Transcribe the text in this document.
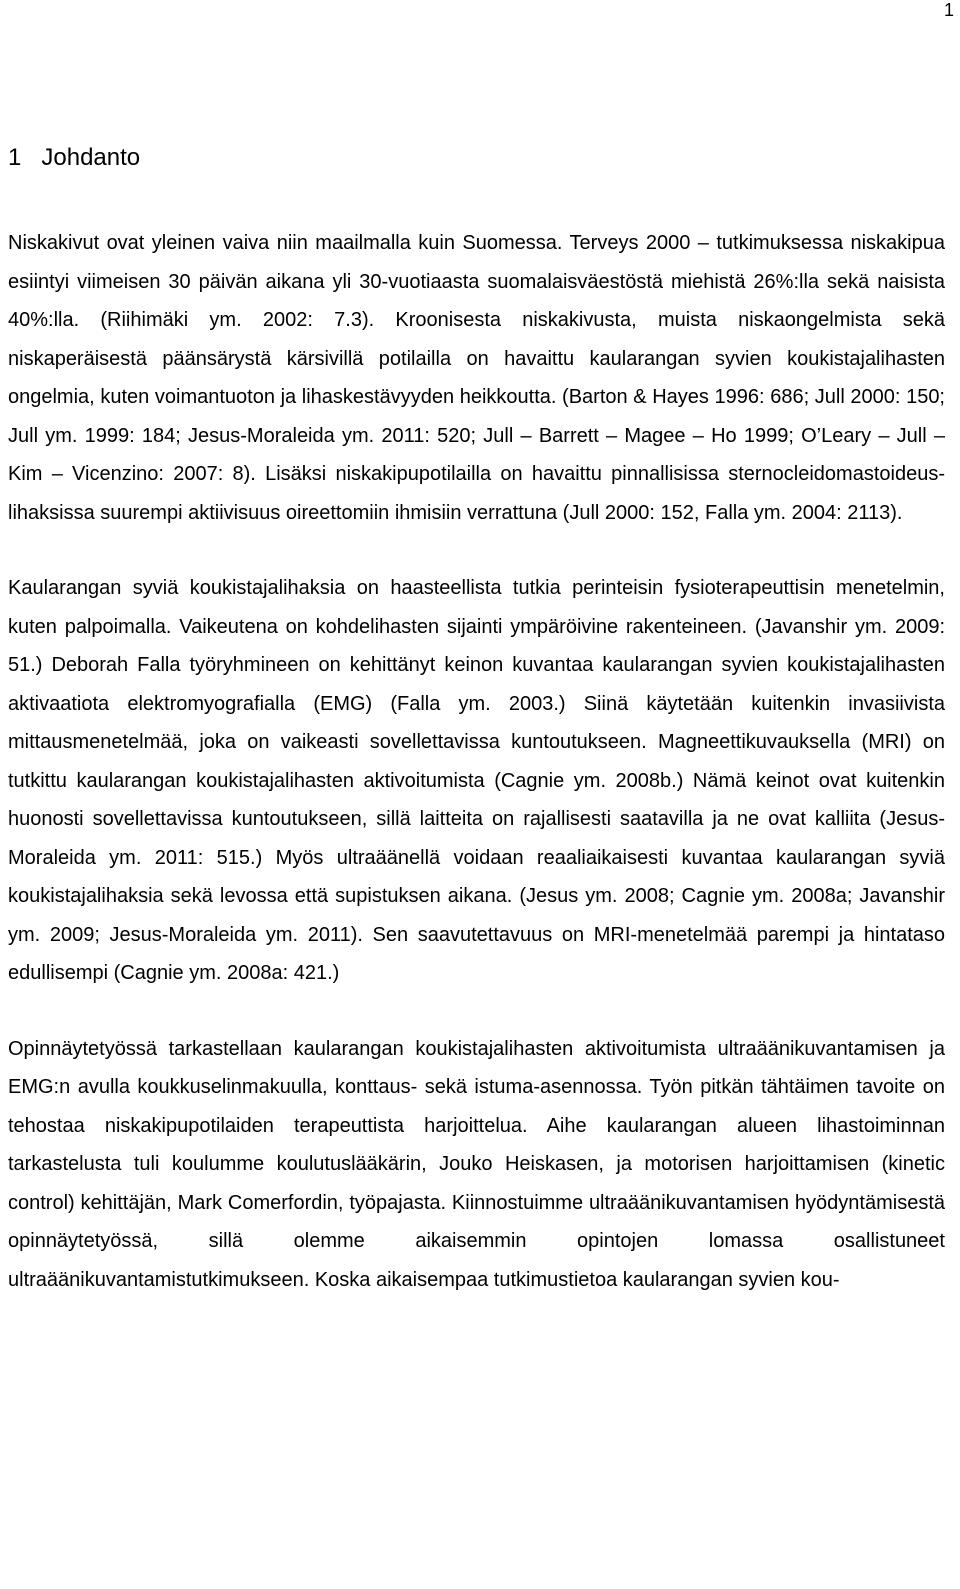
1
1 Johdanto

Niskakivut ovat yleinen vaiva niin maailmalla kuin Suomessa. Terveys 2000 – tutkimuksessa niskakipua esiintyi viimeisen 30 päivän aikana yli 30-vuotiaasta suomalaisväestöstä miehistä 26%:lla sekä naisista 40%:lla. (Riihimäki ym. 2002: 7.3). Kroonisesta niskakivusta, muista niskaongelmista sekä niskaperäisestä päänsärystä kärsivillä potilailla on havaittu kaularangan syvien koukistajalihasten ongelmia, kuten voimantuoton ja lihaskestävyyden heikkoutta. (Barton & Hayes 1996: 686; Jull 2000: 150; Jull ym. 1999: 184; Jesus-Moraleida ym. 2011: 520; Jull – Barrett – Magee – Ho 1999; O’Leary – Jull – Kim – Vicenzino: 2007: 8). Lisäksi niskakipupotilailla on havaittu pinnallisissa sternocleidomastoideus-lihaksissa suurempi aktiivisuus oireettomiin ihmisiin verrattuna (Jull 2000: 152, Falla ym. 2004: 2113).

Kaularangan syviä koukistajalihaksia on haasteellista tutkia perinteisin fysioterapeuttisin menetelmin, kuten palpoimalla. Vaikeutena on kohdelihasten sijainti ympäröivine rakenteineen. (Javanshir ym. 2009: 51.) Deborah Falla työryhmineen on kehittänyt keinon kuvantaa kaularangan syvien koukistajalihasten aktivaatiota elektromyografialla (EMG) (Falla ym. 2003.) Siinä käytetään kuitenkin invasiivista mittausmenetelmää, joka on vaikeasti sovellettavissa kuntoutukseen. Magneettikuvauksella (MRI) on tutkittu kaularangan koukistajalihasten aktivoitumista (Cagnie ym. 2008b.) Nämä keinot ovat kuitenkin huonosti sovellettavissa kuntoutukseen, sillä laitteita on rajallisesti saatavilla ja ne ovat kalliita (Jesus-Moraleida ym. 2011: 515.) Myös ultraäänellä voidaan reaaliaikaisesti kuvantaa kaularangan syviä koukistajalihaksia sekä levossa että supistuksen aikana. (Jesus ym. 2008; Cagnie ym. 2008a; Javanshir ym. 2009; Jesus-Moraleida ym. 2011). Sen saavutettavuus on MRI-menetelmää parempi ja hintataso edullisempi (Cagnie ym. 2008a: 421.)

Opinnäytetyössä tarkastellaan kaularangan koukistajalihasten aktivoitumista ultraäänikuvantamisen ja EMG:n avulla koukkuselinmakuulla, konttaus- sekä istuma-asennossa. Työn pitkän tähtäimen tavoite on tehostaa niskakipupotilaiden terapeuttista harjoittelua. Aihe kaularangan alueen lihastoiminnan tarkastelusta tuli koulumme koulutuslääkärin, Jouko Heiskasen, ja motorisen harjoittamisen (kinetic control) kehittäjän, Mark Comerfordin, työpajasta. Kiinnostuimme ultraäänikuvantamisen hyödyntämisestä opinnäytetyössä, sillä olemme aikaisemmin opintojen lomassa osallistuneet ultraäänikuvantamistutkimukseen. Koska aikaisempaa tutkimustietoa kaularangan syvien kou-
